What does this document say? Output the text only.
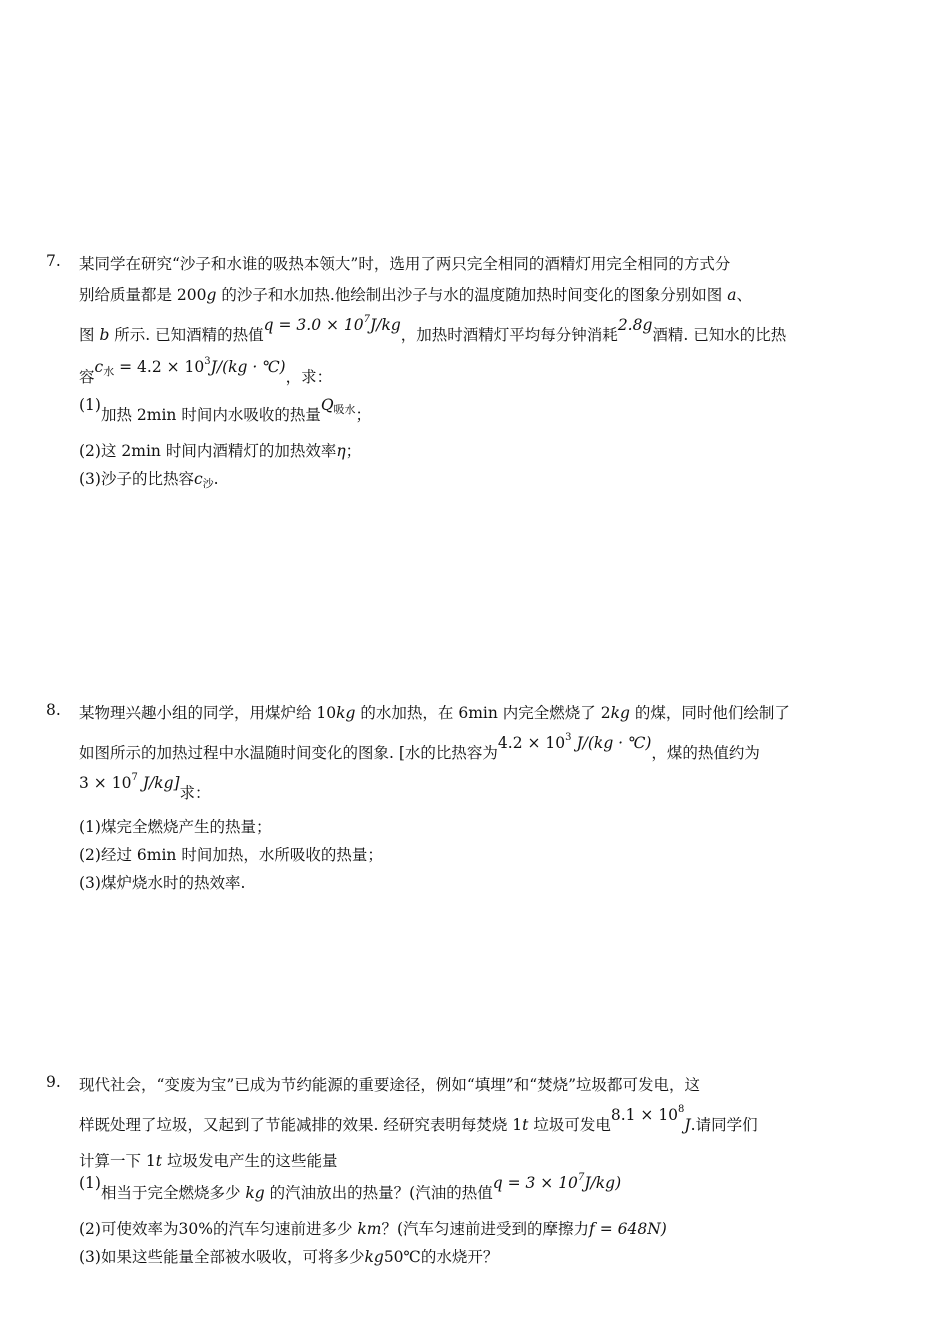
7. 某同学在研究“沙子和水谁的吸热本领大”时，选用了两只完全相同的酒精灯用完全相同的方式分
别给质量都是 200g 的沙子和水加热.他绘制出沙子与水的温度随加热时间变化的图象分别如图 a、
图 b 所示. 已知酒精的热值$q = 3.0 \times 10^7J/kg$，加热时酒精灯平均每分钟消耗2.8g酒精. 已知水的比热
容c水 = $4.2 \times 10^3J/(kg$ · ℃)，求：
(1)加热 2min 时间内水吸收的热量Q吸水；
(2)这 2min 时间内酒精灯的加热效率η；
(3)沙子的比热容c沙.
8. 某物理兴趣小组的同学，用煤炉给 10kg 的水加热，在 6min 内完全燃烧了 2kg 的煤，同时他们绘制了
如图所示的加热过程中水温随时间变化的图象. [水的比热容为$4.2 \times 10^3$ J/(kg · ℃)，煤的热值约为
$3 \times 10^7$ J/kg]求：
(1)煤完全燃烧产生的热量；
(2)经过 6min 时间加热，水所吸收的热量；
(3)煤炉烧水时的热效率.
9. 现代社会，“变废为宝”已成为节约能源的重要途径，例如“填埋”和“焚烧”垃圾都可发电，这
样既处理了垃圾，又起到了节能减排的效果. 经研究表明每焚烧 1t 垃圾可发电$8.1 \times 10^8J$.请同学们
计算一下 1t 垃圾发电产生的这些能量
(1)相当于完全燃烧多少 kg 的汽油放出的热量？(汽油的热值$q = 3 \times 10^7J/kg$)
(2)可使效率为30%的汽车匀速前进多少 km？(汽车匀速前进受到的摩擦力f = 648N)
(3)如果这些能量全部被水吸收，可将多少kg50℃的水烧开？
